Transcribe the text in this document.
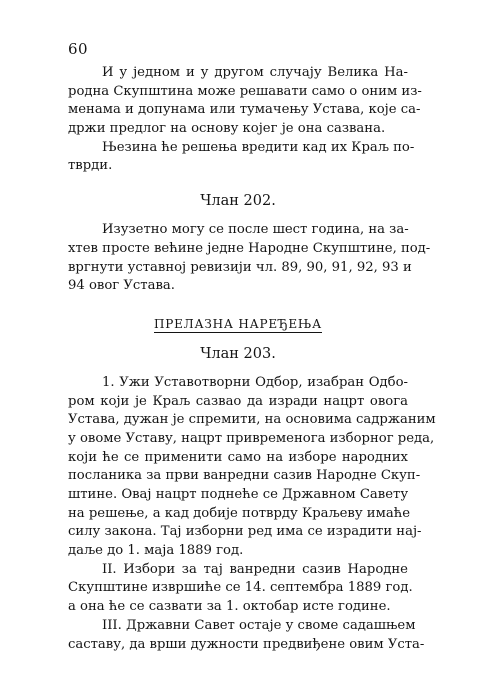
60
И у једном и у другом случају Велика На-
родна Скупштина може решавати само о оним из-
менама и допунама или тумачењу Устава, које са-
држи предлог на основу којег је она сазвана.
Њезина ће решења вредити кад их Краљ по-
тврди.
Члан 202.
Изузетно могу се после шест година, на за-
хтев просте већине једне Народне Скупштине, под-
вргнути уставној ревизији чл. 89, 90, 91, 92, 93 и
94 овог Устава.
ПРЕЛАЗНА НАРЕЂЕЊА
Члан 203.
1. Ужи Уставотворни Одбор, изабран Одбо-
ром који је Краљ сазвао да изради нацрт овога
Устава, дужан је спремити, на основима садржаним
у овоме Уставу, нацрт привременога изборног реда,
који ће се применити само на изборе народних
посланика за први ванредни сазив Народне Скуп-
штине. Овај нацрт поднеће се Државном Савету
на решење, а кад добије потврду Краљеву имаће
силу закона. Тај изборни ред има се израдити нај-
даље до 1. маја 1889 год.
II. Избори за тај ванредни сазив Народне
Скупштине извршиће се 14. септембра 1889 год.
а она ће се сазвати за 1. октобар исте године.
III. Државни Савет остаје у своме садашњем
саставу, да врши дужности предвиђене овим Уста-
